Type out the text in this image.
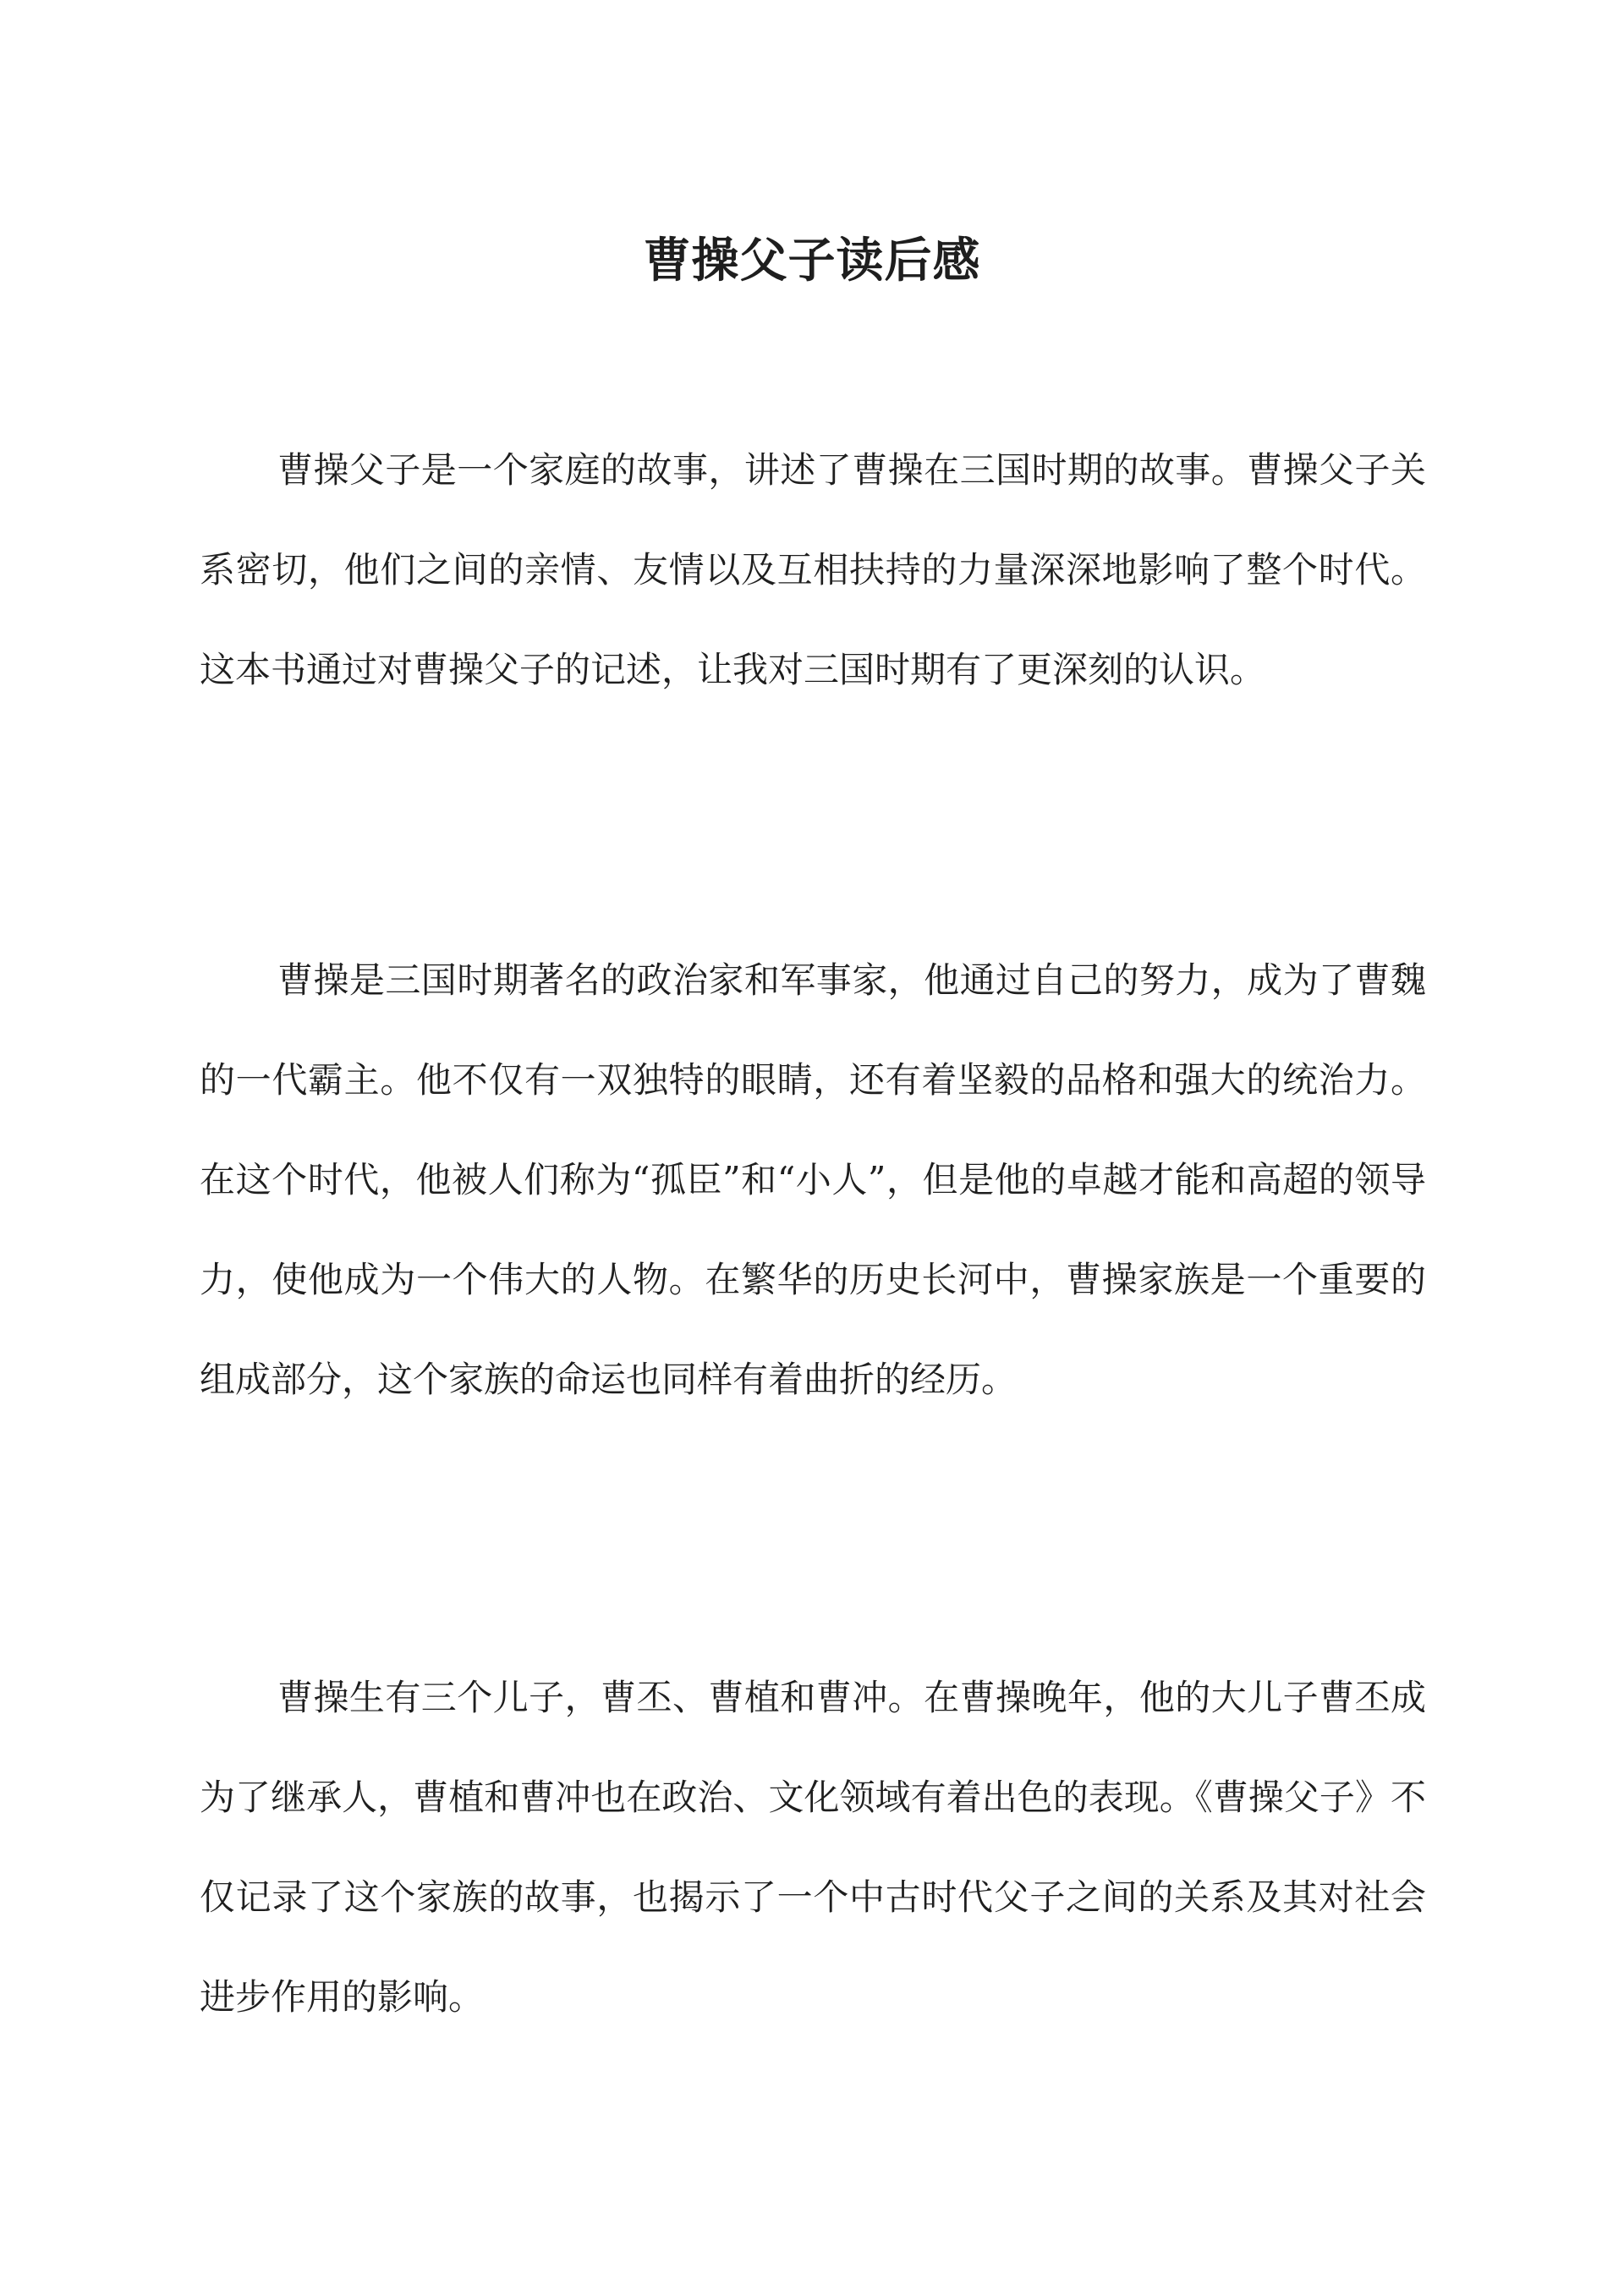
曹操父子读后感

曹操父子是一个家庭的故事，讲述了曹操在三国时期的故事。曹操父子关系密切，他们之间的亲情、友情以及互相扶持的力量深深地影响了整个时代。这本书通过对曹操父子的记述，让我对三国时期有了更深刻的认识。

曹操是三国时期著名的政治家和军事家，他通过自己的努力，成为了曹魏的一代霸主。他不仅有一双独特的眼睛，还有着坚毅的品格和强大的统治力。在这个时代，他被人们称为“孤臣”和“小人”，但是他的卓越才能和高超的领导力，使他成为一个伟大的人物。在繁华的历史长河中，曹操家族是一个重要的组成部分，这个家族的命运也同样有着曲折的经历。

曹操生有三个儿子，曹丕、曹植和曹冲。在曹操晚年，他的大儿子曹丕成为了继承人，曹植和曹冲也在政治、文化领域有着出色的表现。《曹操父子》不仅记录了这个家族的故事，也揭示了一个中古时代父子之间的关系及其对社会进步作用的影响。
